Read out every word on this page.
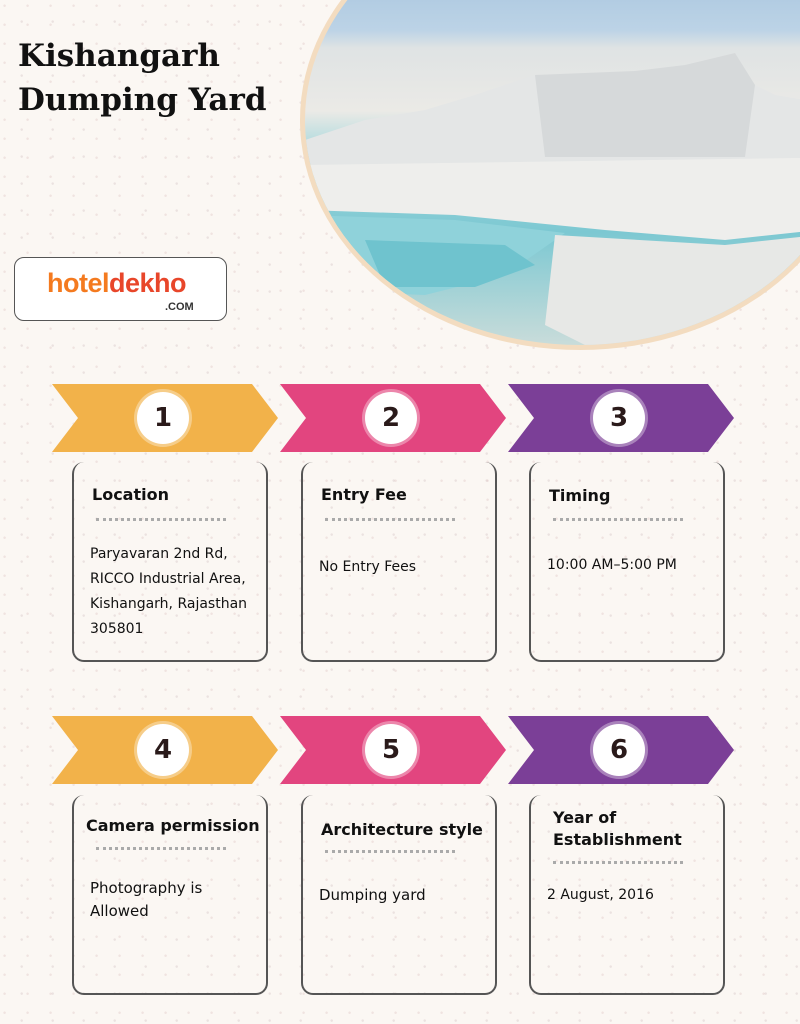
Kishangarh
Dumping Yard
hoteldekho
.COM
1	2	3
Location
Paryavaran 2nd Rd, RICCO Industrial Area, Kishangarh, Rajasthan 305801
Entry Fee
No Entry Fees
Timing
10:00 AM–5:00 PM
4	5	6
Camera permission
Photography is Allowed
Architecture style
Dumping yard
Year of Establishment
2 August, 2016
